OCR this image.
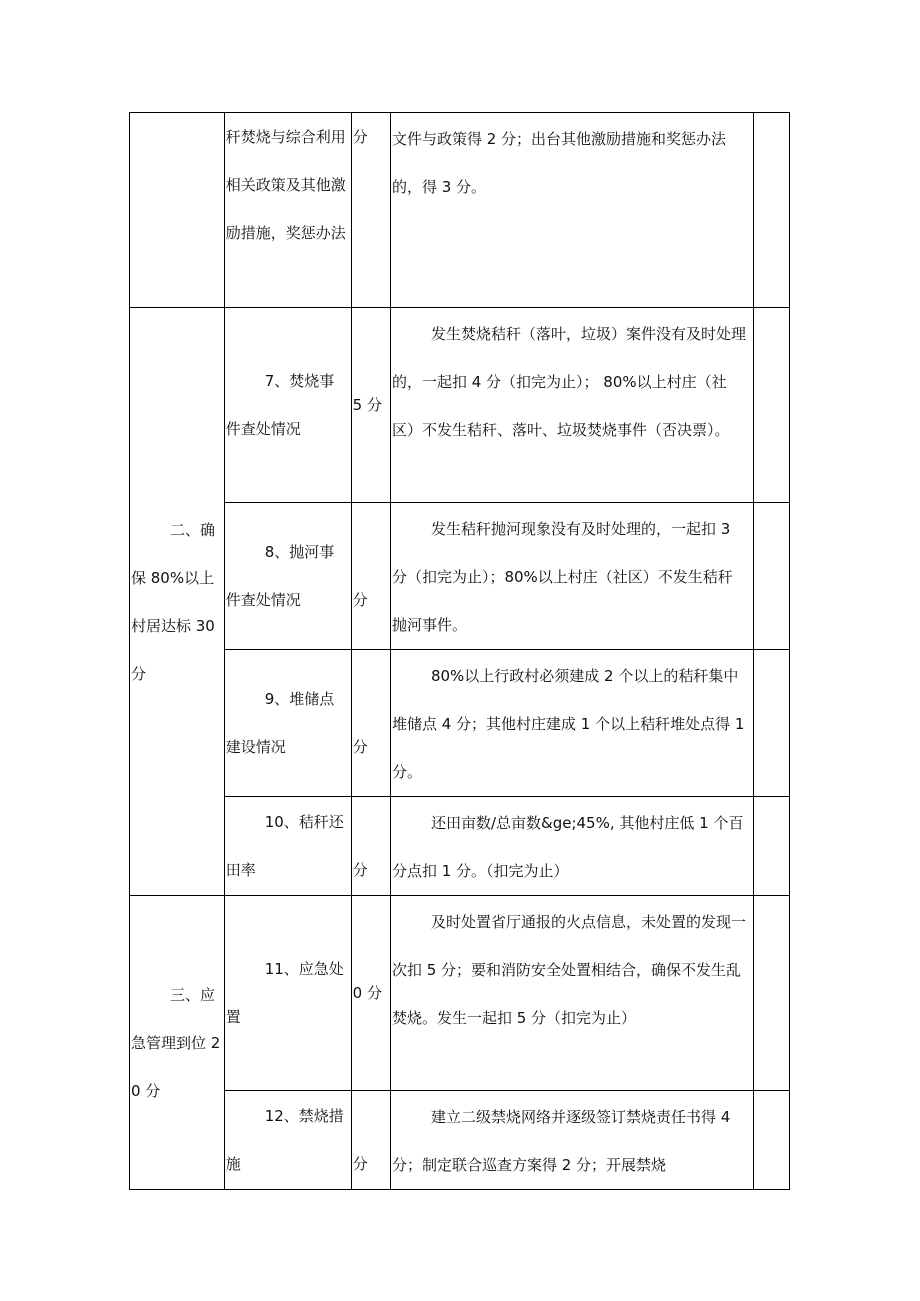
	秆焚烧与综合利用相关政策及其他激励措施，奖惩办法	分	文件与政策得 2 分；出台其他激励措施和奖惩办法的，得 3 分。	

二、确保 80%以上村居达标 30 分	7、焚烧事件查处情况	5 分	发生焚烧秸秆（落叶，垃圾）案件没有及时处理的，一起扣 4 分（扣完为止）； 80%以上村庄（社区）不发生秸秆、落叶、垃圾焚烧事件（否决票）。	

	8、抛河事件查处情况	分	发生秸秆抛河现象没有及时处理的，一起扣 3 分（扣完为止）；80%以上村庄（社区）不发生秸秆抛河事件。	

	9、堆储点建设情况	分	80%以上行政村必须建成 2 个以上的秸秆集中堆储点 4 分；其他村庄建成 1 个以上秸秆堆处点得 1 分。	

	10、秸秆还田率	分	还田亩数/总亩数&ge;45%, 其他村庄低 1 个百分点扣 1 分。（扣完为止）	

三、应急管理到位 20 分	11、应急处置	0 分	及时处置省厅通报的火点信息，未处置的发现一次扣 5 分；要和消防安全处置相结合，确保不发生乱焚烧。发生一起扣 5 分（扣完为止）	

	12、禁烧措施	分	建立二级禁烧网络并逐级签订禁烧责任书得 4 分；制定联合巡查方案得 2 分；开展禁烧	
